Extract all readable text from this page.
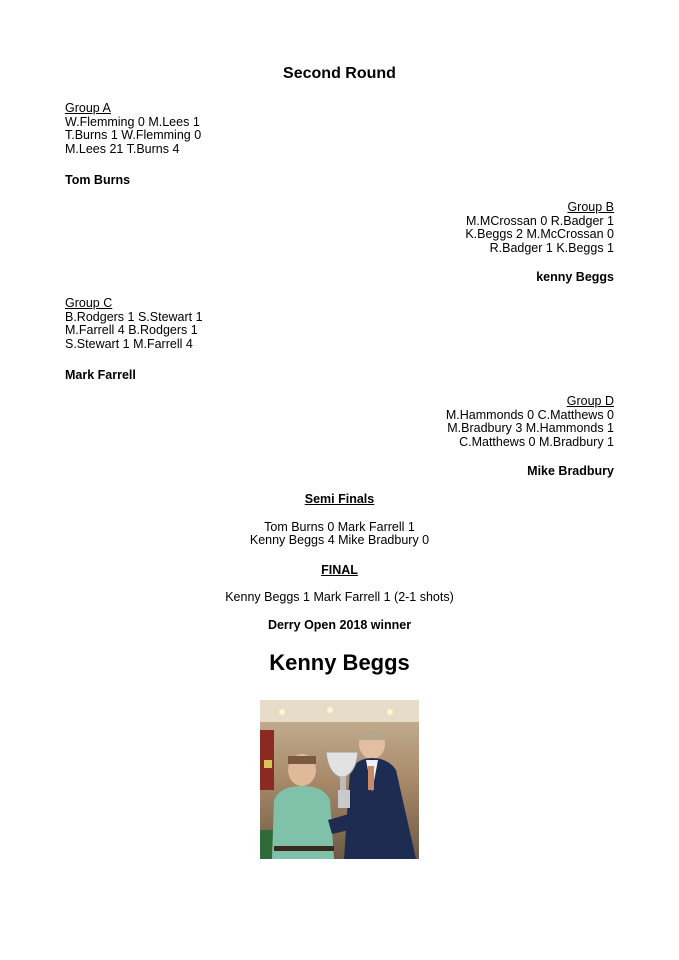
Second Round
Group A
W.Flemming 0 M.Lees 1
T.Burns 1 W.Flemming 0
M.Lees 21 T.Burns 4
Tom Burns
Group B
M.MCrossan 0 R.Badger 1
K.Beggs 2 M.McCrossan 0
R.Badger 1 K.Beggs 1
kenny Beggs
Group C
B.Rodgers 1 S.Stewart 1
M.Farrell 4 B.Rodgers 1
S.Stewart 1 M.Farrell 4
Mark Farrell
Group D
M.Hammonds 0 C.Matthews 0
M.Bradbury 3 M.Hammonds 1
C.Matthews 0 M.Bradbury 1
Mike Bradbury
Semi Finals
Tom Burns 0 Mark Farrell 1
Kenny Beggs 4 Mike Bradbury 0
FINAL
Kenny Beggs 1 Mark Farrell 1 (2-1 shots)
Derry Open 2018 winner
Kenny Beggs
